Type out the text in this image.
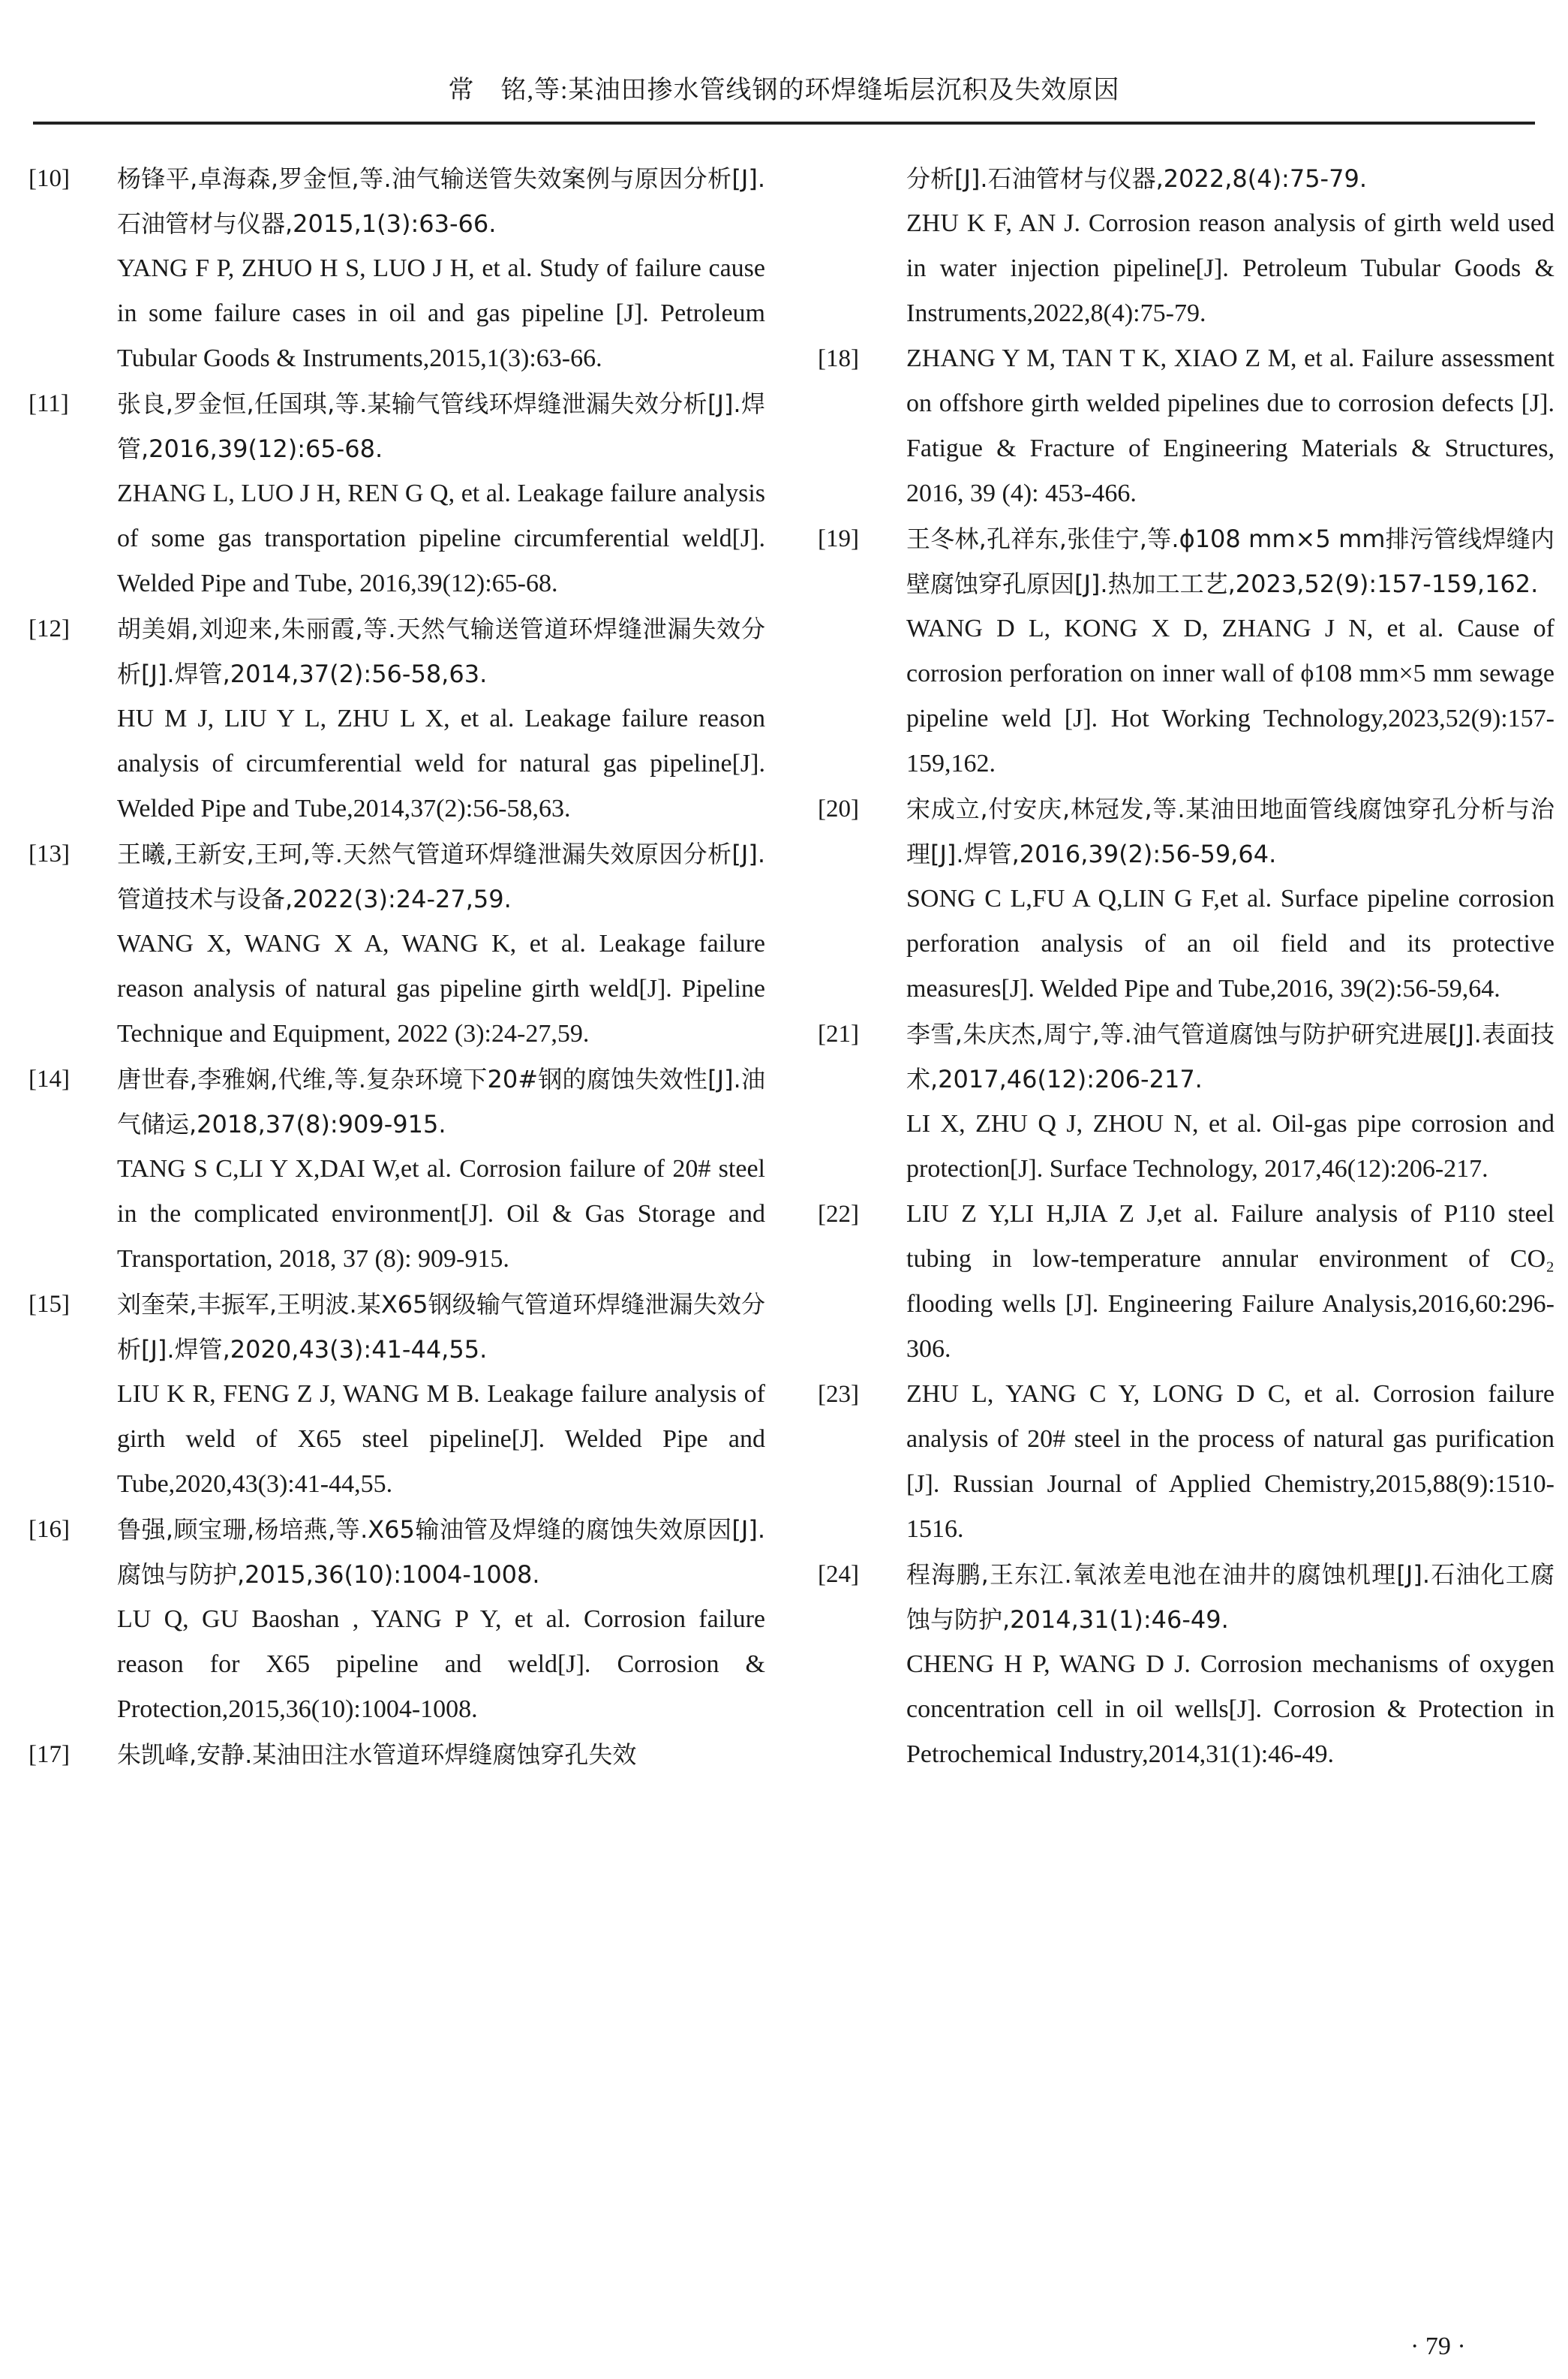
常　铭,等:某油田掺水管线钢的环焊缝垢层沉积及失效原因
[10]	杨锋平,卓海森,罗金恒,等.油气输送管失效案例与原因分析[J].石油管材与仪器,2015,1(3):63-66.

YANG F P, ZHUO H S, LUO J H, et al. Study of failure cause in some failure cases in oil and gas pipeline [J]. Petroleum Tubular Goods & Instruments,2015,1(3):63-66.

[11]	张良,罗金恒,任国琪,等.某输气管线环焊缝泄漏失效分析[J].焊管,2016,39(12):65-68.

ZHANG L, LUO J H, REN G Q, et al. Leakage failure analysis of some gas transportation pipeline circumferential weld[J]. Welded Pipe and Tube, 2016,39(12):65-68.

[12]	胡美娟,刘迎来,朱丽霞,等.天然气输送管道环焊缝泄漏失效分析[J].焊管,2014,37(2):56-58,63.

HU M J, LIU Y L, ZHU L X, et al. Leakage failure reason analysis of circumferential weld for natural gas pipeline[J]. Welded Pipe and Tube,2014,37(2):56-58,63.

[13]	王曦,王新安,王珂,等.天然气管道环焊缝泄漏失效原因分析[J].管道技术与设备,2022(3):24-27,59.

WANG X, WANG X A, WANG K, et al. Leakage failure reason analysis of natural gas pipeline girth weld[J]. Pipeline Technique and Equipment, 2022 (3):24-27,59.

[14]	唐世春,李雅娴,代维,等.复杂环境下20#钢的腐蚀失效性[J].油气储运,2018,37(8):909-915.

TANG S C,LI Y X,DAI W,et al. Corrosion failure of 20# steel in the complicated environment[J]. Oil & Gas Storage and Transportation, 2018, 37 (8): 909-915.

[15]	刘奎荣,丰振军,王明波.某X65钢级输气管道环焊缝泄漏失效分析[J].焊管,2020,43(3):41-44,55.

LIU K R, FENG Z J, WANG M B. Leakage failure analysis of girth weld of X65 steel pipeline[J]. Welded Pipe and Tube,2020,43(3):41-44,55.

[16]	鲁强,顾宝珊,杨培燕,等.X65输油管及焊缝的腐蚀失效原因[J].腐蚀与防护,2015,36(10):1004-1008.

LU Q, GU Baoshan , YANG P Y, et al. Corrosion failure reason for X65 pipeline and weld[J]. Corrosion & Protection,2015,36(10):1004-1008.

[17]	朱凯峰,安静.某油田注水管道环焊缝腐蚀穿孔失效

分析[J].石油管材与仪器,2022,8(4):75-79.

ZHU K F, AN J. Corrosion reason analysis of girth weld used in water injection pipeline[J]. Petroleum Tubular Goods & Instruments,2022,8(4):75-79.

[18]	ZHANG Y M, TAN T K, XIAO Z M, et al. Failure assessment on offshore girth welded pipelines due to corrosion defects [J]. Fatigue & Fracture of Engineering Materials & Structures, 2016, 39 (4): 453-466.

[19]	王冬林,孔祥东,张佳宁,等.ϕ108 mm×5 mm排污管线焊缝内壁腐蚀穿孔原因[J].热加工工艺,2023,52(9):157-159,162.

WANG D L, KONG X D, ZHANG J N, et al. Cause of corrosion perforation on inner wall of ϕ108 mm×5 mm sewage pipeline weld [J]. Hot Working Technology,2023,52(9):157-159,162.

[20]	宋成立,付安庆,林冠发,等.某油田地面管线腐蚀穿孔分析与治理[J].焊管,2016,39(2):56-59,64.

SONG C L,FU A Q,LIN G F,et al. Surface pipeline corrosion perforation analysis of an oil field and its protective measures[J]. Welded Pipe and Tube,2016, 39(2):56-59,64.

[21]	李雪,朱庆杰,周宁,等.油气管道腐蚀与防护研究进展[J].表面技术,2017,46(12):206-217.

LI X, ZHU Q J, ZHOU N, et al. Oil-gas pipe corrosion and protection[J]. Surface Technology, 2017,46(12):206-217.

[22]	LIU Z Y,LI H,JIA Z J,et al. Failure analysis of P110 steel tubing in low-temperature annular environment of CO₂ flooding wells [J]. Engineering Failure Analysis,2016,60:296-306.

[23]	ZHU L, YANG C Y, LONG D C, et al. Corrosion failure analysis of 20# steel in the process of natural gas purification [J]. Russian Journal of Applied Chemistry,2015,88(9):1510-1516.

[24]	程海鹏,王东江.氧浓差电池在油井的腐蚀机理[J].石油化工腐蚀与防护,2014,31(1):46-49.

CHENG H P, WANG D J. Corrosion mechanisms of oxygen concentration cell in oil wells[J]. Corrosion & Protection in Petrochemical Industry,2014,31(1):46-49.

· 79 ·
